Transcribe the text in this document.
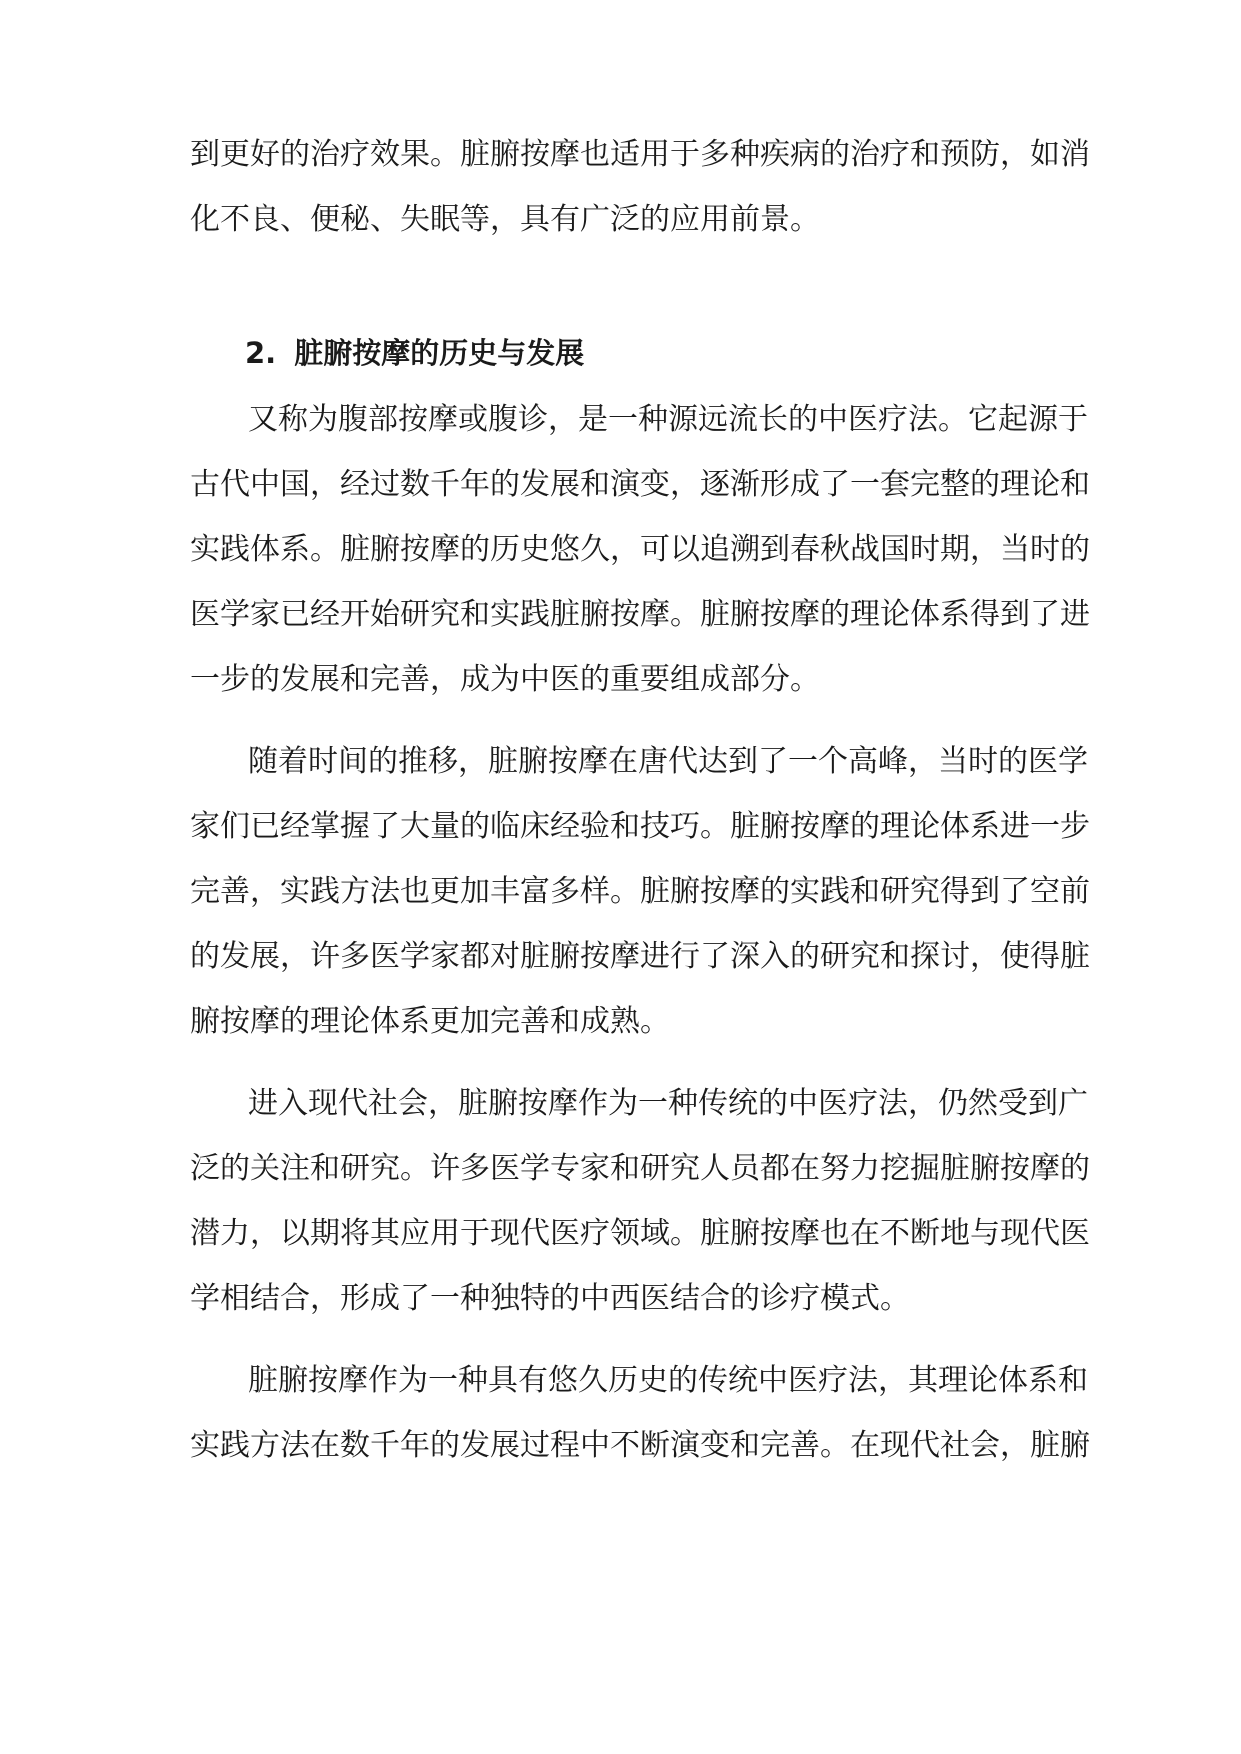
到更好的治疗效果。脏腑按摩也适用于多种疾病的治疗和预防，如消
化不良、便秘、失眠等，具有广泛的应用前景。
2. 脏腑按摩的历史与发展
又称为腹部按摩或腹诊，是一种源远流长的中医疗法。它起源于
古代中国，经过数千年的发展和演变，逐渐形成了一套完整的理论和
实践体系。脏腑按摩的历史悠久，可以追溯到春秋战国时期，当时的
医学家已经开始研究和实践脏腑按摩。脏腑按摩的理论体系得到了进
一步的发展和完善，成为中医的重要组成部分。
随着时间的推移，脏腑按摩在唐代达到了一个高峰，当时的医学
家们已经掌握了大量的临床经验和技巧。脏腑按摩的理论体系进一步
完善，实践方法也更加丰富多样。脏腑按摩的实践和研究得到了空前
的发展，许多医学家都对脏腑按摩进行了深入的研究和探讨，使得脏
腑按摩的理论体系更加完善和成熟。
进入现代社会，脏腑按摩作为一种传统的中医疗法，仍然受到广
泛的关注和研究。许多医学专家和研究人员都在努力挖掘脏腑按摩的
潜力，以期将其应用于现代医疗领域。脏腑按摩也在不断地与现代医
学相结合，形成了一种独特的中西医结合的诊疗模式。
脏腑按摩作为一种具有悠久历史的传统中医疗法，其理论体系和
实践方法在数千年的发展过程中不断演变和完善。在现代社会，脏腑
